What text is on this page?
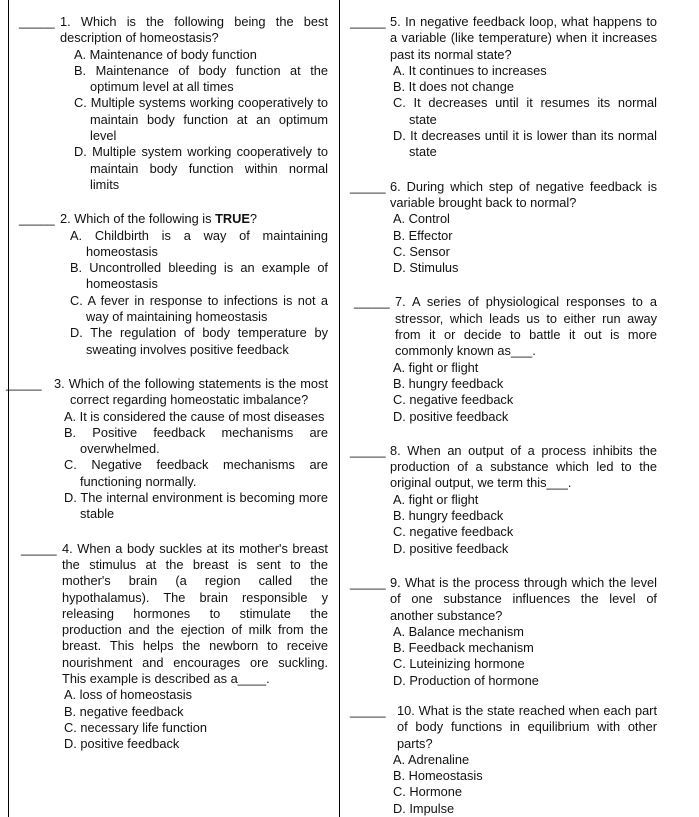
_____ 1. Which is the following being the best description of homeostasis?
A. Maintenance of body function
B. Maintenance of body function at the optimum level at all times
C. Multiple systems working cooperatively to maintain body function at an optimum level
D. Multiple system working cooperatively to maintain body function within normal limits
_____ 2. Which of the following is TRUE?
A. Childbirth is a way of maintaining homeostasis
B. Uncontrolled bleeding is an example of homeostasis
C. A fever in response to infections is not a way of maintaining homeostasis
D. The regulation of body temperature by sweating involves positive feedback
_____ 3. Which of the following statements is the most correct regarding homeostatic imbalance?
A. It is considered the cause of most diseases
B. Positive feedback mechanisms are overwhelmed.
C. Negative feedback mechanisms are functioning normally.
D. The internal environment is becoming more stable
_____ 4. When a body suckles at its mother's breast the stimulus at the breast is sent to the mother's brain (a region called the hypothalamus). The brain responsible y releasing hormones to stimulate the production and the ejection of milk from the breast. This helps the newborn to receive nourishment and encourages ore suckling. This example is described as a____.
A. loss of homeostasis
B. negative feedback
C. necessary life function
D. positive feedback
_____ 5. In negative feedback loop, what happens to a variable (like temperature) when it increases past its normal state?
A. It continues to increases
B. It does not change
C. It decreases until it resumes its normal state
D. It decreases until it is lower than its normal state
_____ 6. During which step of negative feedback is variable brought back to normal?
A. Control
B. Effector
C. Sensor
D. Stimulus
_____ 7. A series of physiological responses to a stressor, which leads us to either run away from it or decide to battle it out is more commonly known as___.
A. fight or flight
B. hungry feedback
C. negative feedback
D. positive feedback
_____ 8. When an output of a process inhibits the production of a substance which led to the original output, we term this___.
A. fight or flight
B. hungry feedback
C. negative feedback
D. positive feedback
_____ 9. What is the process through which the level of one substance influences the level of another substance?
A. Balance mechanism
B. Feedback mechanism
C. Luteinizing hormone
D. Production of hormone
_____ 10. What is the state reached when each part of body functions in equilibrium with other parts?
A. Adrenaline
B. Homeostasis
C. Hormone
D. Impulse
